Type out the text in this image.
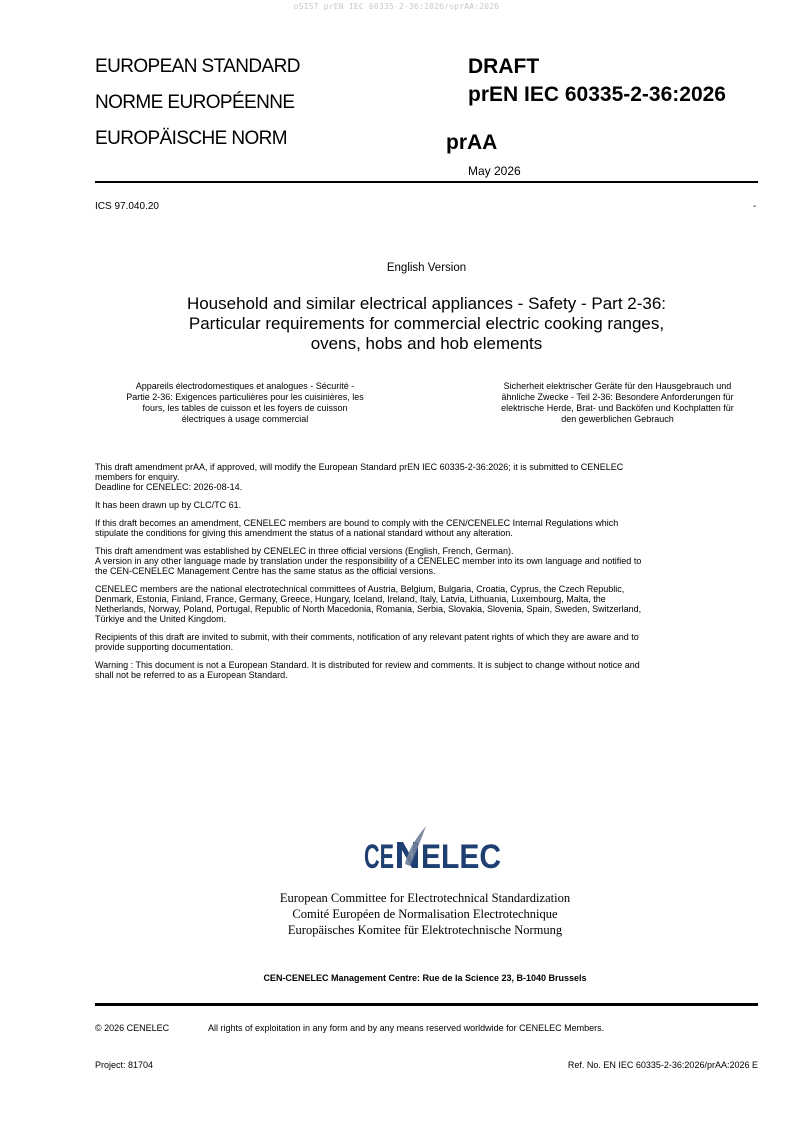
oSIST prEN IEC 60335-2-36:2026/oprAA:2026
EUROPEAN STANDARD
NORME EUROPÉENNE
EUROPÄISCHE NORM
DRAFT
prEN IEC 60335-2-36:2026
prAA
May 2026
ICS 97.040.20	-
English Version
Household and similar electrical appliances - Safety - Part 2-36:
Particular requirements for commercial electric cooking ranges,
ovens, hobs and hob elements
Appareils électrodomestiques et analogues - Sécurité -
Partie 2-36: Exigences particulières pour les cuisinières, les
fours, les tables de cuisson et les foyers de cuisson
électriques à usage commercial
Sicherheit elektrischer Geräte für den Hausgebrauch und
ähnliche Zwecke - Teil 2-36: Besondere Anforderungen für
elektrische Herde, Brat- und Backöfen und Kochplatten für
den gewerblichen Gebrauch

This draft amendment prAA, if approved, will modify the European Standard prEN IEC 60335-2-36:2026; it is submitted to CENELEC
members for enquiry.
Deadline for CENELEC: 2026-08-14.

It has been drawn up by CLC/TC 61.

If this draft becomes an amendment, CENELEC members are bound to comply with the CEN/CENELEC Internal Regulations which
stipulate the conditions for giving this amendment the status of a national standard without any alteration.

This draft amendment was established by CENELEC in three official versions (English, French, German).
A version in any other language made by translation under the responsibility of a CENELEC member into its own language and notified to
the CEN-CENELEC Management Centre has the same status as the official versions.

CENELEC members are the national electrotechnical committees of Austria, Belgium, Bulgaria, Croatia, Cyprus, the Czech Republic,
Denmark, Estonia, Finland, France, Germany, Greece, Hungary, Iceland, Ireland, Italy, Latvia, Lithuania, Luxembourg, Malta, the
Netherlands, Norway, Poland, Portugal, Republic of North Macedonia, Romania, Serbia, Slovakia, Slovenia, Spain, Sweden, Switzerland,
Türkiye and the United Kingdom.

Recipients of this draft are invited to submit, with their comments, notification of any relevant patent rights of which they are aware and to
provide supporting documentation.

Warning : This document is not a European Standard. It is distributed for review and comments. It is subject to change without notice and
shall not be referred to as a European Standard.

CE ELEC
European Committee for Electrotechnical Standardization
Comité Européen de Normalisation Electrotechnique
Europäisches Komitee für Elektrotechnische Normung
CEN-CENELEC Management Centre: Rue de la Science 23, B-1040 Brussels
© 2026 CENELEC	All rights of exploitation in any form and by any means reserved worldwide for CENELEC Members.
Project: 81704	Ref. No. EN IEC 60335-2-36:2026/prAA:2026 E
